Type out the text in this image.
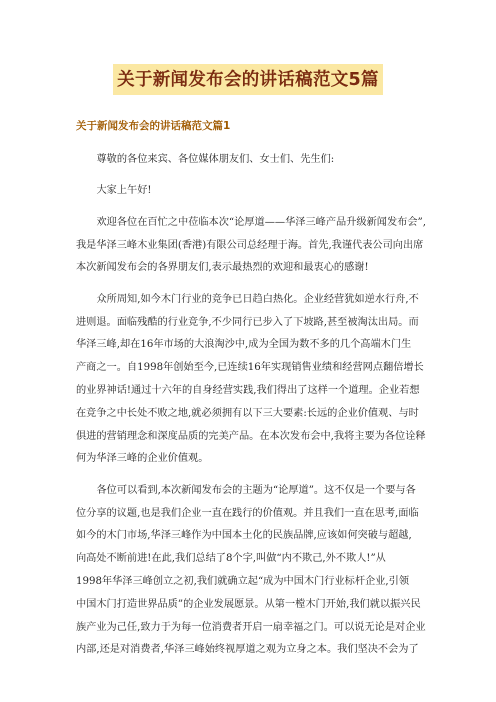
关于新闻发布会的讲话稿范文5篇
关于新闻发布会的讲话稿范文篇1
尊敬的各位来宾、各位媒体朋友们、女士们、先生们:
大家上午好!
欢迎各位在百忙之中莅临本次“论厚道——华泽三峰产品升级新闻发布会”,
我是华泽三峰木业集团(香港)有限公司总经理于海。首先,我谨代表公司向出席
本次新闻发布会的各界朋友们,表示最热烈的欢迎和最衷心的感谢!
众所周知,如今木门行业的竞争已日趋白热化。企业经营犹如逆水行舟,不
进则退。面临残酷的行业竞争,不少同行已步入了下坡路,甚至被淘汰出局。而
华泽三峰,却在16年市场的大浪淘沙中,成为全国为数不多的几个高端木门生
产商之一。自1998年创始至今,已连续16年实现销售业绩和经营网点翻倍增长
的业界神话!通过十六年的自身经营实践,我们得出了这样一个道理。企业若想
在竞争之中长处不败之地,就必须拥有以下三大要素:长远的企业价值观、与时
俱进的营销理念和深度品质的完美产品。在本次发布会中,我将主要为各位诠释
何为华泽三峰的企业价值观。
各位可以看到,本次新闻发布会的主题为“论厚道”。这不仅是一个要与各
位分享的议题,也是我们企业一直在践行的价值观。并且我们一直在思考,面临
如今的木门市场,华泽三峰作为中国本土化的民族品牌,应该如何突破与超越,
向高处不断前进!在此,我们总结了8个字,叫做“内不欺己,外不欺人!”从
1998年华泽三峰创立之初,我们就确立起“成为中国木门行业标杆企业,引领
中国木门打造世界品质”的企业发展愿景。从第一樘木门开始,我们就以振兴民
族产业为己任,致力于为每一位消费者开启一扇幸福之门。可以说无论是对企业
内部,还是对消费者,华泽三峰始终视厚道之观为立身之本。我们坚决不会为了
